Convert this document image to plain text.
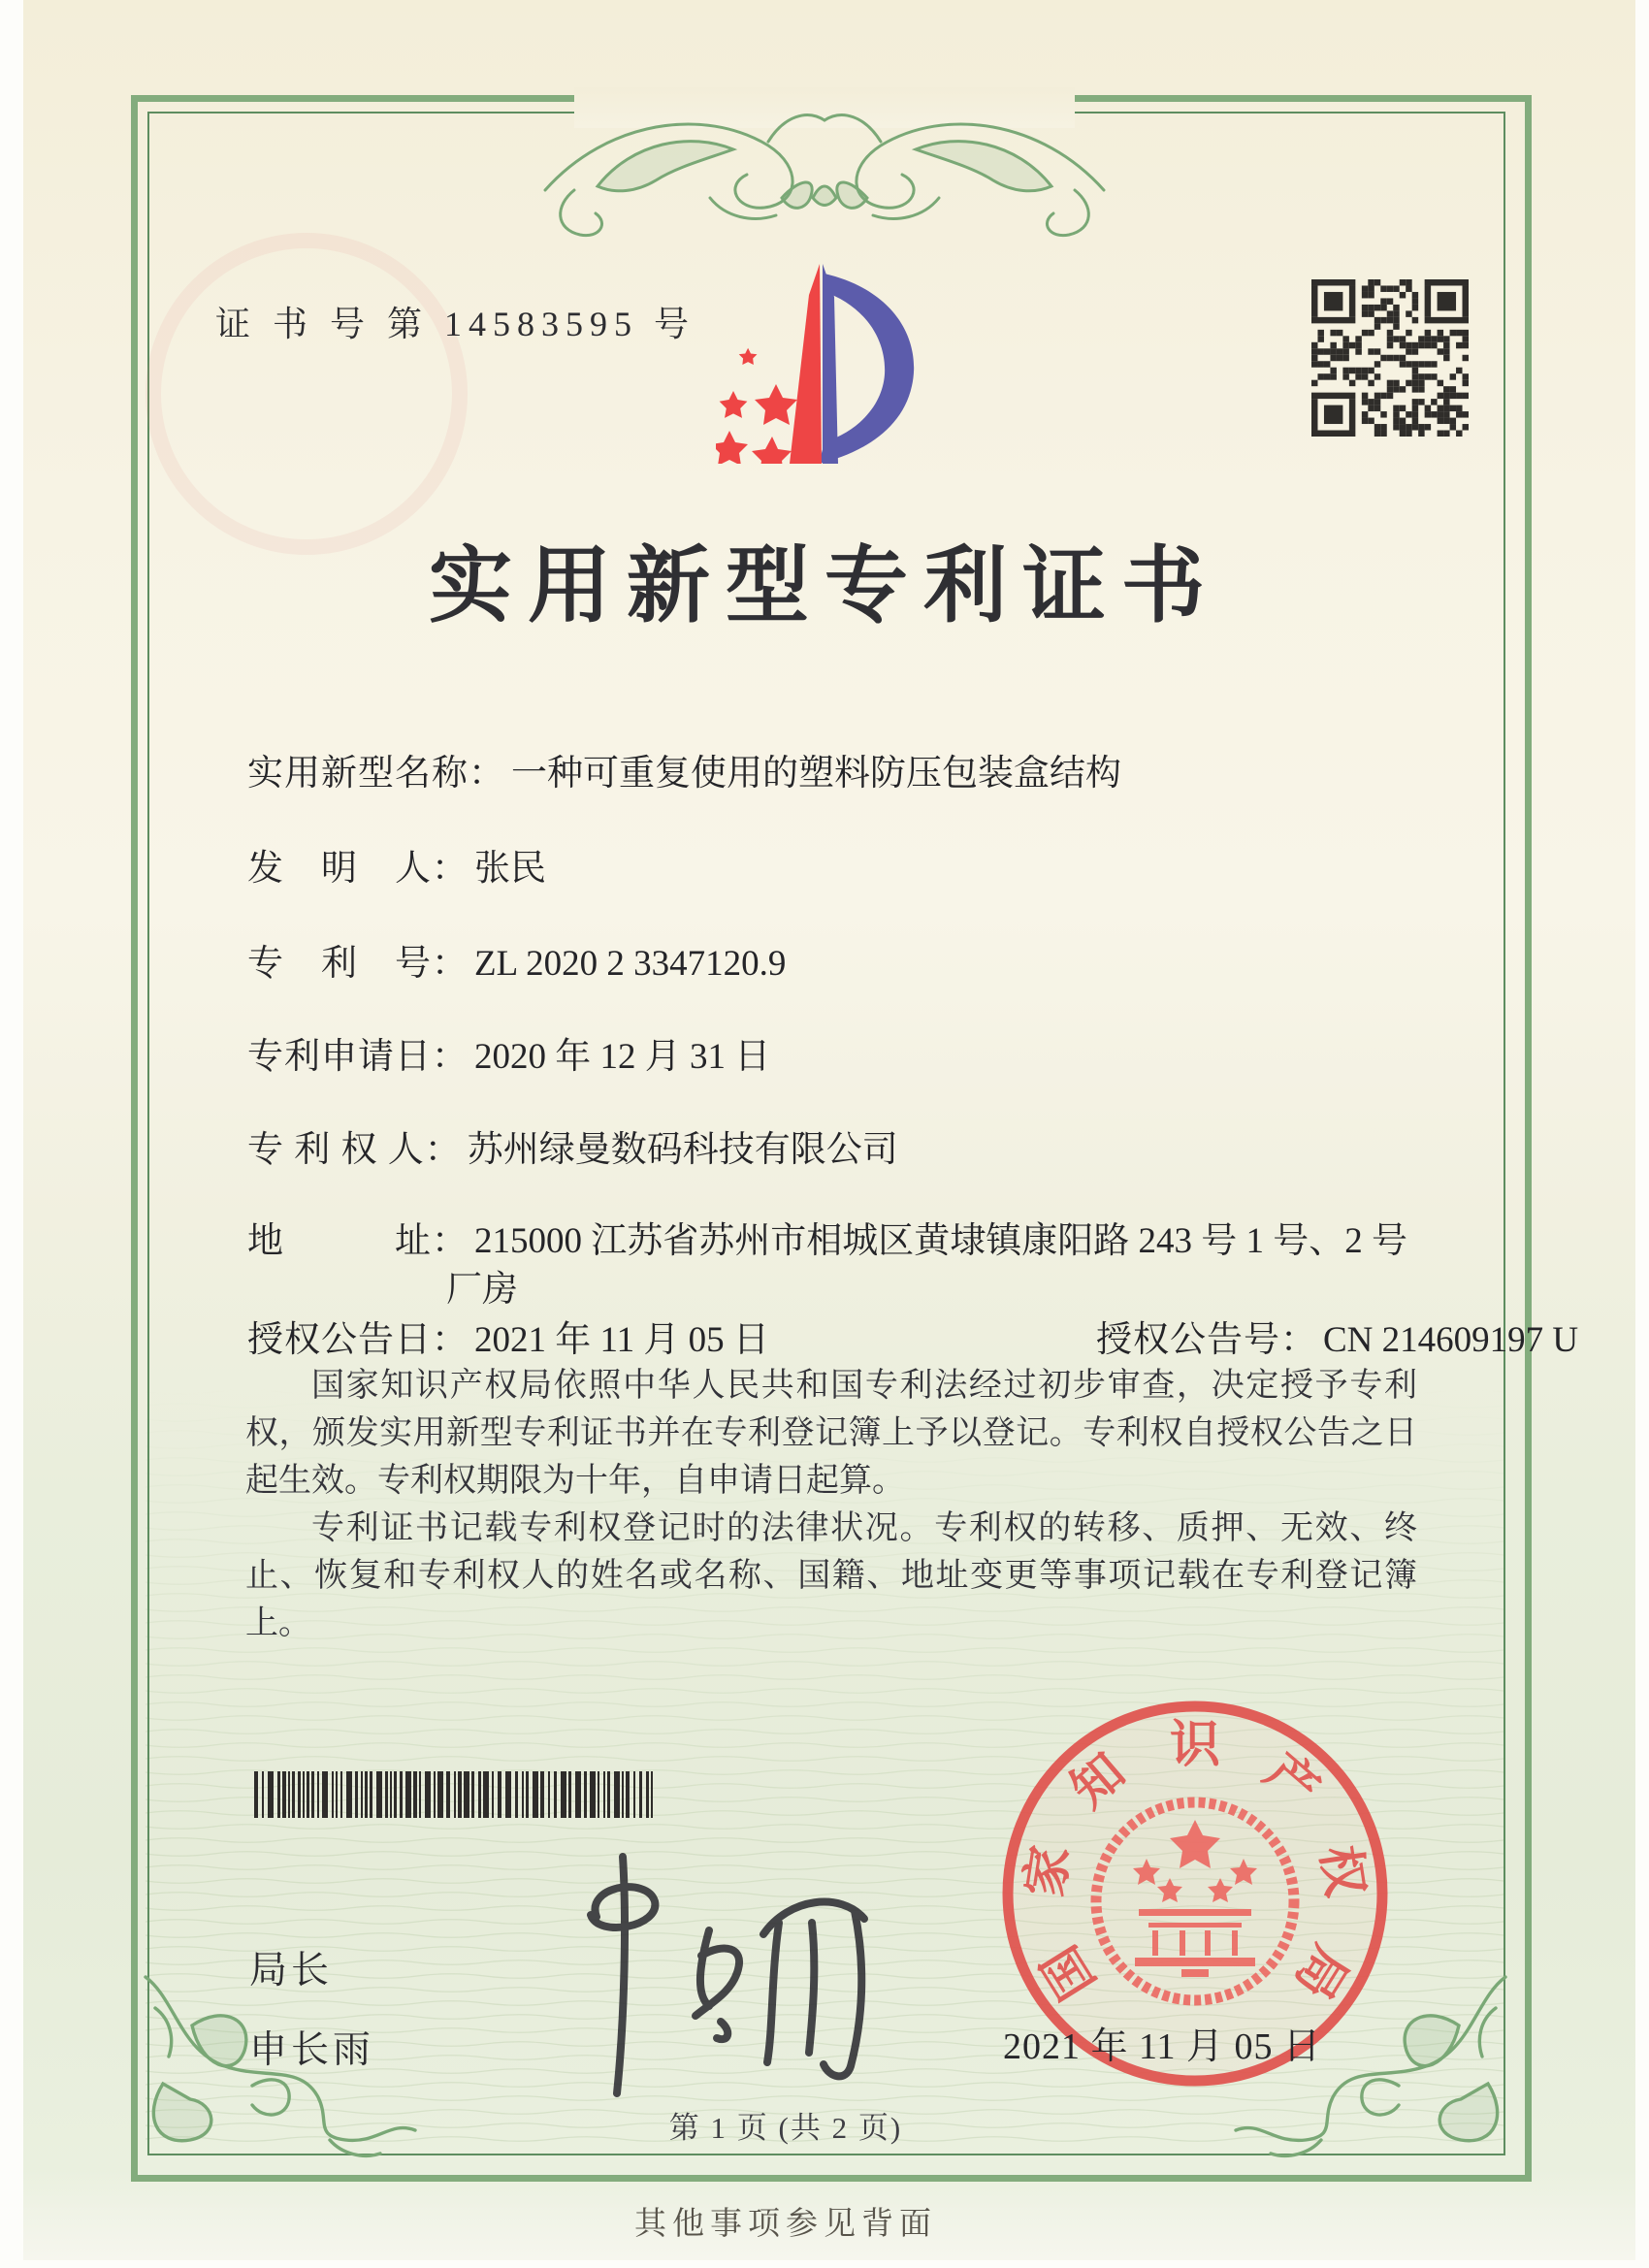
证 书 号 第 14583595 号
实用新型专利证书
实用新型名称： 一种可重复使用的塑料防压包装盒结构
发　明　人： 张民
专　利　号： ZL 2020 2 3347120.9
专利申请日： 2020 年 12 月 31 日
专 利 权 人： 苏州绿曼数码科技有限公司
地　　　址： 215000 江苏省苏州市相城区黄埭镇康阳路 243 号 1 号、2 号
厂房
授权公告日： 2021 年 11 月 05 日	授权公告号： CN 214609197 U

国家知识产权局依照中华人民共和国专利法经过初步审查，决定授予专利权，颁发实用新型专利证书并在专利登记簿上予以登记。专利权自授权公告之日起生效。专利权期限为十年，自申请日起算。

专利证书记载专利权登记时的法律状况。专利权的转移、质押、无效、终止、恢复和专利权人的姓名或名称、国籍、地址变更等事项记载在专利登记簿上。

局长
申长雨
国
家
知 识 产
权
局
2021 年 11 月 05 日
第 1 页 (共 2 页)
其他事项参见背面
